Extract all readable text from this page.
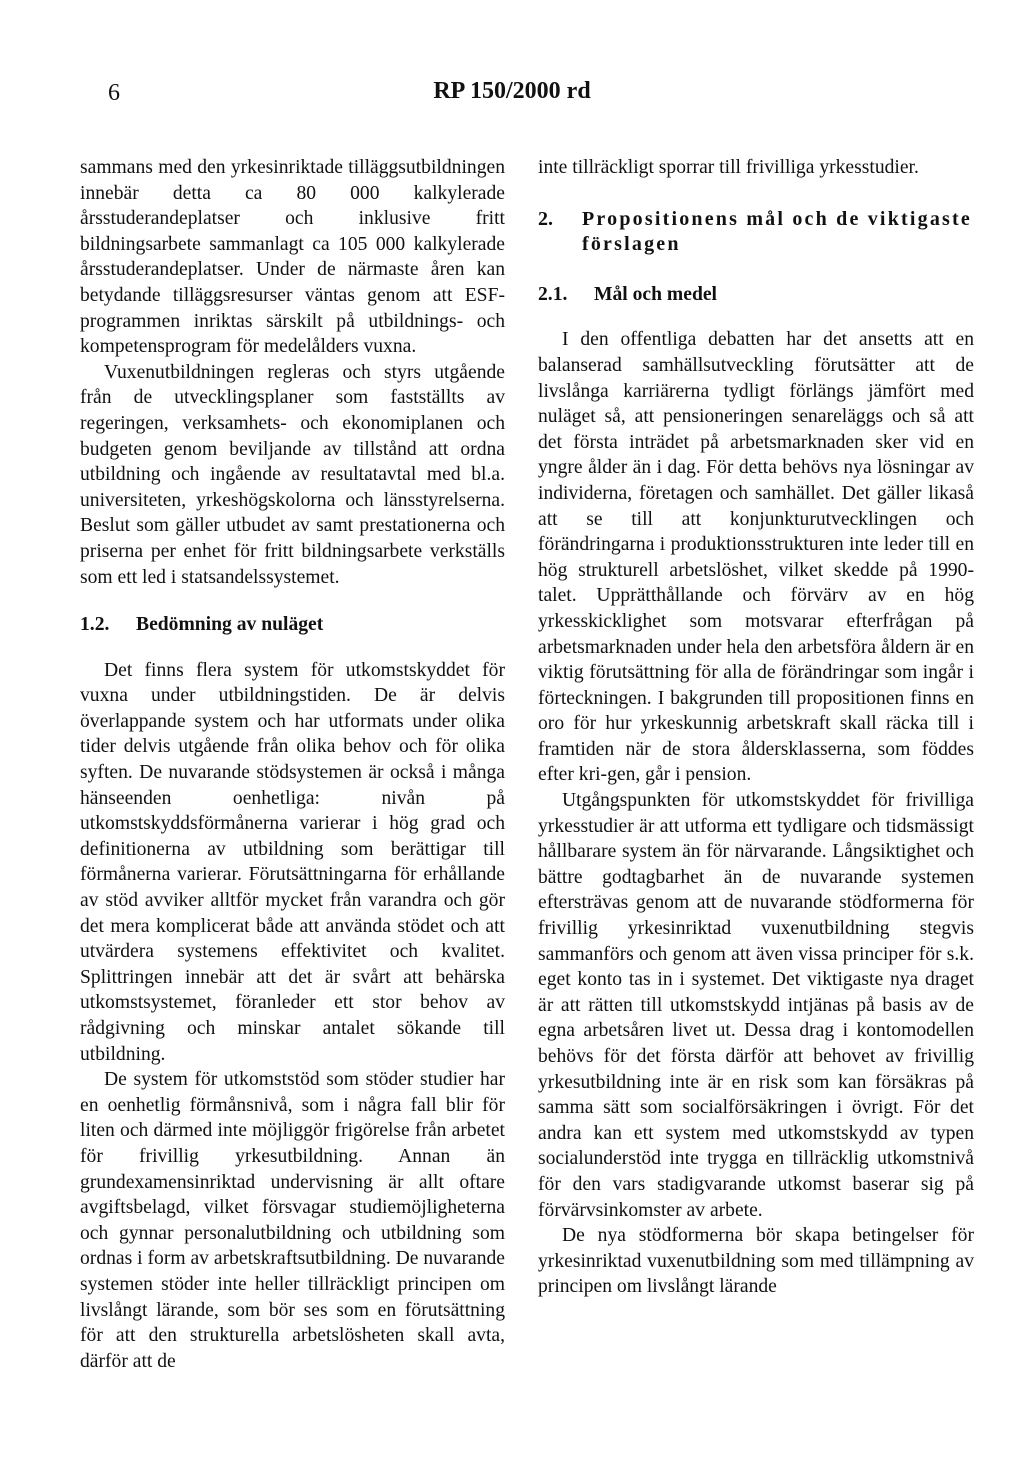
6	RP 150/2000 rd

sammans med den yrkesinriktade tilläggsutbildningen innebär detta ca 80 000 kalkylerade årsstuderandeplatser och inklusive fritt bildningsarbete sammanlagt ca 105 000 kalkylerade årsstuderandeplatser. Under de närmaste åren kan betydande tilläggsresurser väntas genom att ESF-programmen inriktas särskilt på utbildnings- och kompetensprogram för medelålders vuxna.

Vuxenutbildningen regleras och styrs utgående från de utvecklingsplaner som fastställts av regeringen, verksamhets- och ekonomiplanen och budgeten genom beviljande av tillstånd att ordna utbildning och ingående av resultatavtal med bl.a. universiteten, yrkeshögskolorna och länsstyrelserna. Beslut som gäller utbudet av samt prestationerna och priserna per enhet för fritt bildningsarbete verkställs som ett led i statsandelssystemet.

1.2.	Bedömning av nuläget

Det finns flera system för utkomstskyddet för vuxna under utbildningstiden. De är delvis överlappande system och har utformats under olika tider delvis utgående från olika behov och för olika syften. De nuvarande stödsystemen är också i många hänseenden oenhetliga: nivån på utkomstskyddsförmånerna varierar i hög grad och definitionerna av utbildning som berättigar till förmånerna varierar. Förutsättningarna för erhållande av stöd avviker alltför mycket från varandra och gör det mera komplicerat både att använda stödet och att utvärdera systemens effektivitet och kvalitet. Splittringen innebär att det är svårt att behärska utkomstsystemet, föranleder ett stor behov av rådgivning och minskar antalet sökande till utbildning.

De system för utkomststöd som stöder studier har en oenhetlig förmånsnivå, som i några fall blir för liten och därmed inte möjliggör frigörelse från arbetet för frivillig yrkesutbildning. Annan än grundexamensinriktad undervisning är allt oftare avgiftsbelagd, vilket försvagar studiemöjligheterna och gynnar personalutbildning och utbildning som ordnas i form av arbetskraftsutbildning. De nuvarande systemen stöder inte heller tillräckligt principen om livslångt lärande, som bör ses som en förutsättning för att den strukturella arbetslösheten skall avta, därför att de

inte tillräckligt sporrar till frivilliga yrkesstudier.

2.	Propositionens mål och de viktigaste förslagen
2.1.	Mål och medel

I den offentliga debatten har det ansetts att en balanserad samhällsutveckling förutsätter att de livslånga karriärerna tydligt förlängs jämfört med nuläget så, att pensioneringen senareläggs och så att det första inträdet på arbetsmarknaden sker vid en yngre ålder än i dag. För detta behövs nya lösningar av individerna, företagen och samhället. Det gäller likaså att se till att konjunkturutvecklingen och förändringarna i produktionsstrukturen inte leder till en hög strukturell arbetslöshet, vilket skedde på 1990-talet. Upprätthållande och förvärv av en hög yrkesskicklighet som motsvarar efterfrågan på arbetsmarknaden under hela den arbetsföra åldern är en viktig förutsättning för alla de förändringar som ingår i förteckningen. I bakgrunden till propositionen finns en oro för hur yrkeskunnig arbetskraft skall räcka till i framtiden när de stora åldersklasserna, som föddes efter kri-gen, går i pension.

Utgångspunkten för utkomstskyddet för frivilliga yrkesstudier är att utforma ett tydligare och tidsmässigt hållbarare system än för närvarande. Långsiktighet och bättre godtagbarhet än de nuvarande systemen eftersträvas genom att de nuvarande stödformerna för frivillig yrkesinriktad vuxenutbildning stegvis sammanförs och genom att även vissa principer för s.k. eget konto tas in i systemet. Det viktigaste nya draget är att rätten till utkomstskydd intjänas på basis av de egna arbetsåren livet ut. Dessa drag i kontomodellen behövs för det första därför att behovet av frivillig yrkesutbildning inte är en risk som kan försäkras på samma sätt som socialförsäkringen i övrigt. För det andra kan ett system med utkomstskydd av typen socialunderstöd inte trygga en tillräcklig utkomstnivå för den vars stadigvarande utkomst baserar sig på förvärvsinkomster av arbete.

De nya stödformerna bör skapa betingelser för yrkesinriktad vuxenutbildning som med tillämpning av principen om livslångt lärande
